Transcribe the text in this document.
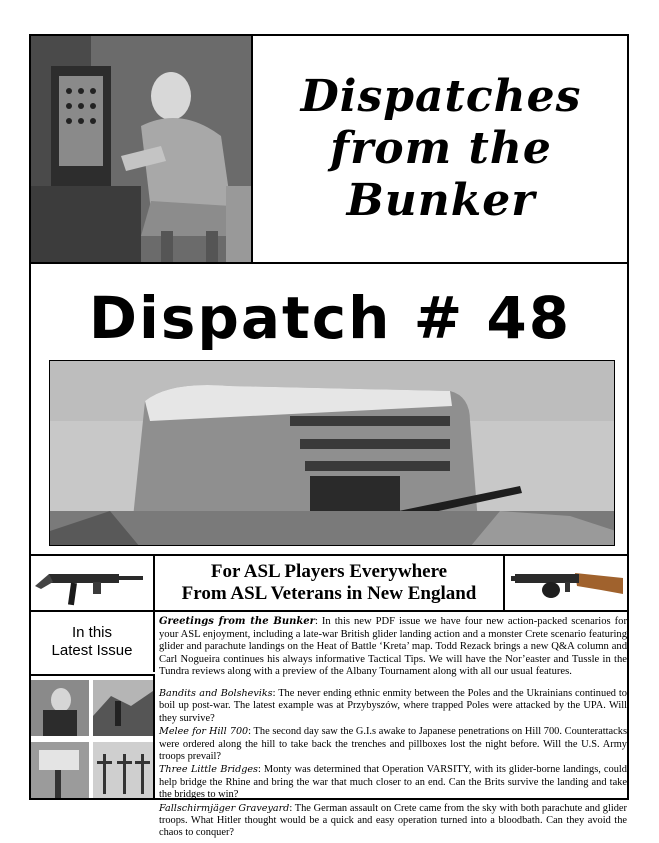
Dispatches
from the
Bunker
Dispatch # 48
For ASL Players Everywhere
From ASL Veterans in New England
In this
Latest Issue
Greetings from the Bunker: In this new PDF issue we have four new action-packed scenarios for your ASL enjoyment, including a late-war British glider landing action and a monster Crete scenario featuring glider and parachute landings on the Heat of Battle ‘Kreta’ map. Todd Rezack brings a new Q&A column and Carl Nogueira continues his always informative Tactical Tips. We will have the Nor’easter and Tussle in the Tundra reviews along with a preview of the Albany Tournament along with all our usual features.

Bandits and Bolsheviks: The never ending ethnic enmity between the Poles and the Ukrainians continued to boil up post-war. The latest example was at Przybyszów, where trapped Poles were attacked by the UPA. Will they survive?

Melee for Hill 700: The second day saw the G.I.s awake to Japanese penetrations on Hill 700. Counterattacks were ordered along the hill to take back the trenches and pillboxes lost the night before. Will the U.S. Army troops prevail?

Three Little Bridges: Monty was determined that Operation VARSITY, with its glider-borne landings, could help bridge the Rhine and bring the war that much closer to an end. Can the Brits survive the landing and take the bridges to win?

Fallschirmjäger Graveyard: The German assault on Crete came from the sky with both parachute and glider troops. What Hitler thought would be a quick and easy operation turned into a bloodbath. Can they avoid the chaos to conquer?
